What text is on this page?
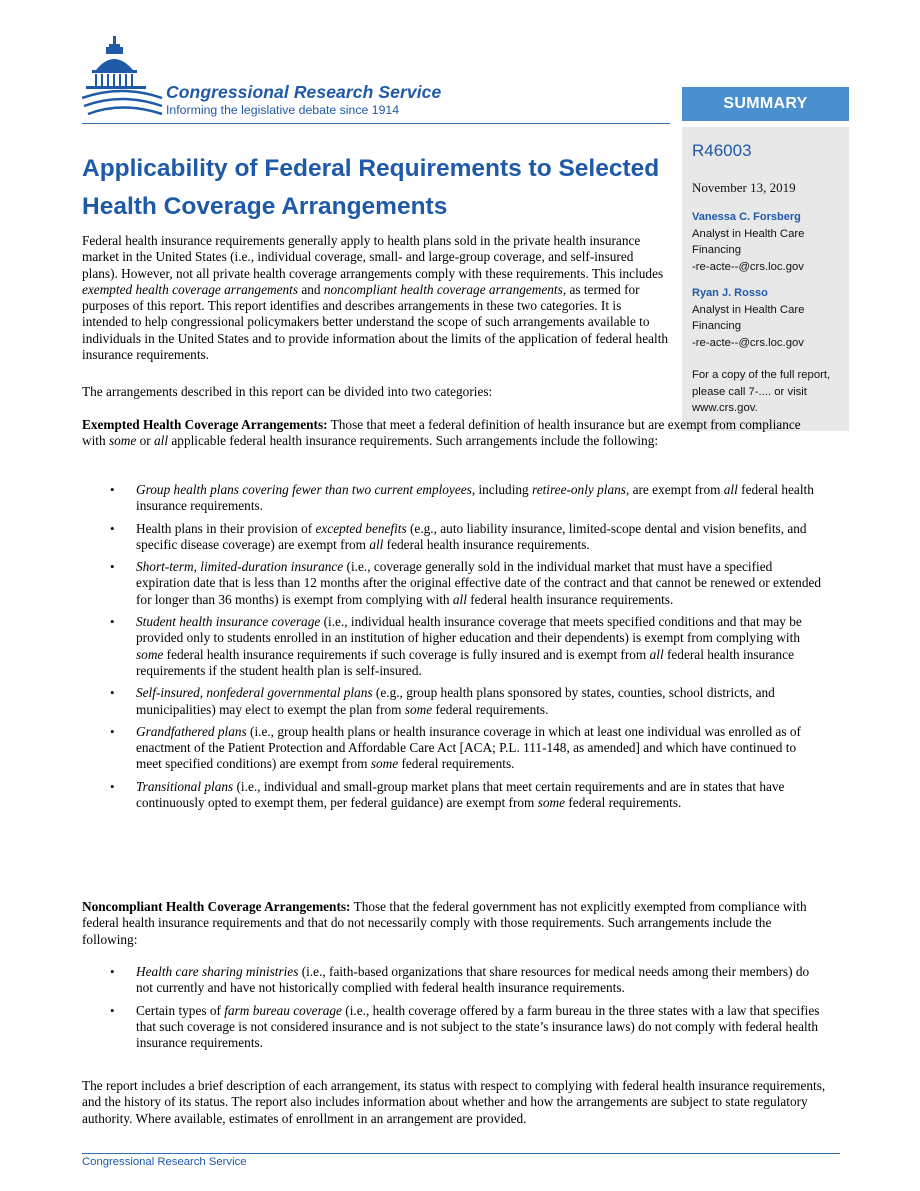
Congressional Research Service
Informing the legislative debate since 1914	SUMMARY
R46003
November 13, 2019
Vanessa C. Forsberg
Analyst in Health Care Financing
-re-acte--@crs.loc.gov
Ryan J. Rosso
Analyst in Health Care Financing
-re-acte--@crs.loc.gov
For a copy of the full report, please call 7-.... or visit www.crs.gov.
Applicability of Federal Requirements to Selected Health Coverage Arrangements

Federal health insurance requirements generally apply to health plans sold in the private health insurance market in the United States (i.e., individual coverage, small- and large-group coverage, and self-insured plans). However, not all private health coverage arrangements comply with these requirements. This includes exempted health coverage arrangements and noncompliant health coverage arrangements, as termed for purposes of this report. This report identifies and describes arrangements in these two categories. It is intended to help congressional policymakers better understand the scope of such arrangements available to individuals in the United States and to provide information about the limits of the application of federal health insurance requirements.

The arrangements described in this report can be divided into two categories:

Exempted Health Coverage Arrangements: Those that meet a federal definition of health insurance but are exempt from compliance with some or all applicable federal health insurance requirements. Such arrangements include the following:

• Group health plans covering fewer than two current employees, including retiree-only plans, are exempt from all federal health insurance requirements.
• Health plans in their provision of excepted benefits (e.g., auto liability insurance, limited-scope dental and vision benefits, and specific disease coverage) are exempt from all federal health insurance requirements.
• Short-term, limited-duration insurance (i.e., coverage generally sold in the individual market that must have a specified expiration date that is less than 12 months after the original effective date of the contract and that cannot be renewed or extended for longer than 36 months) is exempt from complying with all federal health insurance requirements.
• Student health insurance coverage (i.e., individual health insurance coverage that meets specified conditions and that may be provided only to students enrolled in an institution of higher education and their dependents) is exempt from complying with some federal health insurance requirements if such coverage is fully insured and is exempt from all federal health insurance requirements if the student health plan is self-insured.
• Self-insured, nonfederal governmental plans (e.g., group health plans sponsored by states, counties, school districts, and municipalities) may elect to exempt the plan from some federal requirements.
• Grandfathered plans (i.e., group health plans or health insurance coverage in which at least one individual was enrolled as of enactment of the Patient Protection and Affordable Care Act [ACA; P.L. 111-148, as amended] and which have continued to meet specified conditions) are exempt from some federal requirements.
• Transitional plans (i.e., individual and small-group market plans that meet certain requirements and are in states that have continuously opted to exempt them, per federal guidance) are exempt from some federal requirements.

Noncompliant Health Coverage Arrangements: Those that the federal government has not explicitly exempted from compliance with federal health insurance requirements and that do not necessarily comply with those requirements. Such arrangements include the following:

• Health care sharing ministries (i.e., faith-based organizations that share resources for medical needs among their members) do not currently and have not historically complied with federal health insurance requirements.
• Certain types of farm bureau coverage (i.e., health coverage offered by a farm bureau in the three states with a law that specifies that such coverage is not considered insurance and is not subject to the state’s insurance laws) do not comply with federal health insurance requirements.

The report includes a brief description of each arrangement, its status with respect to complying with federal health insurance requirements, and the history of its status. The report also includes information about whether and how the arrangements are subject to state regulatory authority. Where available, estimates of enrollment in an arrangement are provided.

Congressional Research Service
